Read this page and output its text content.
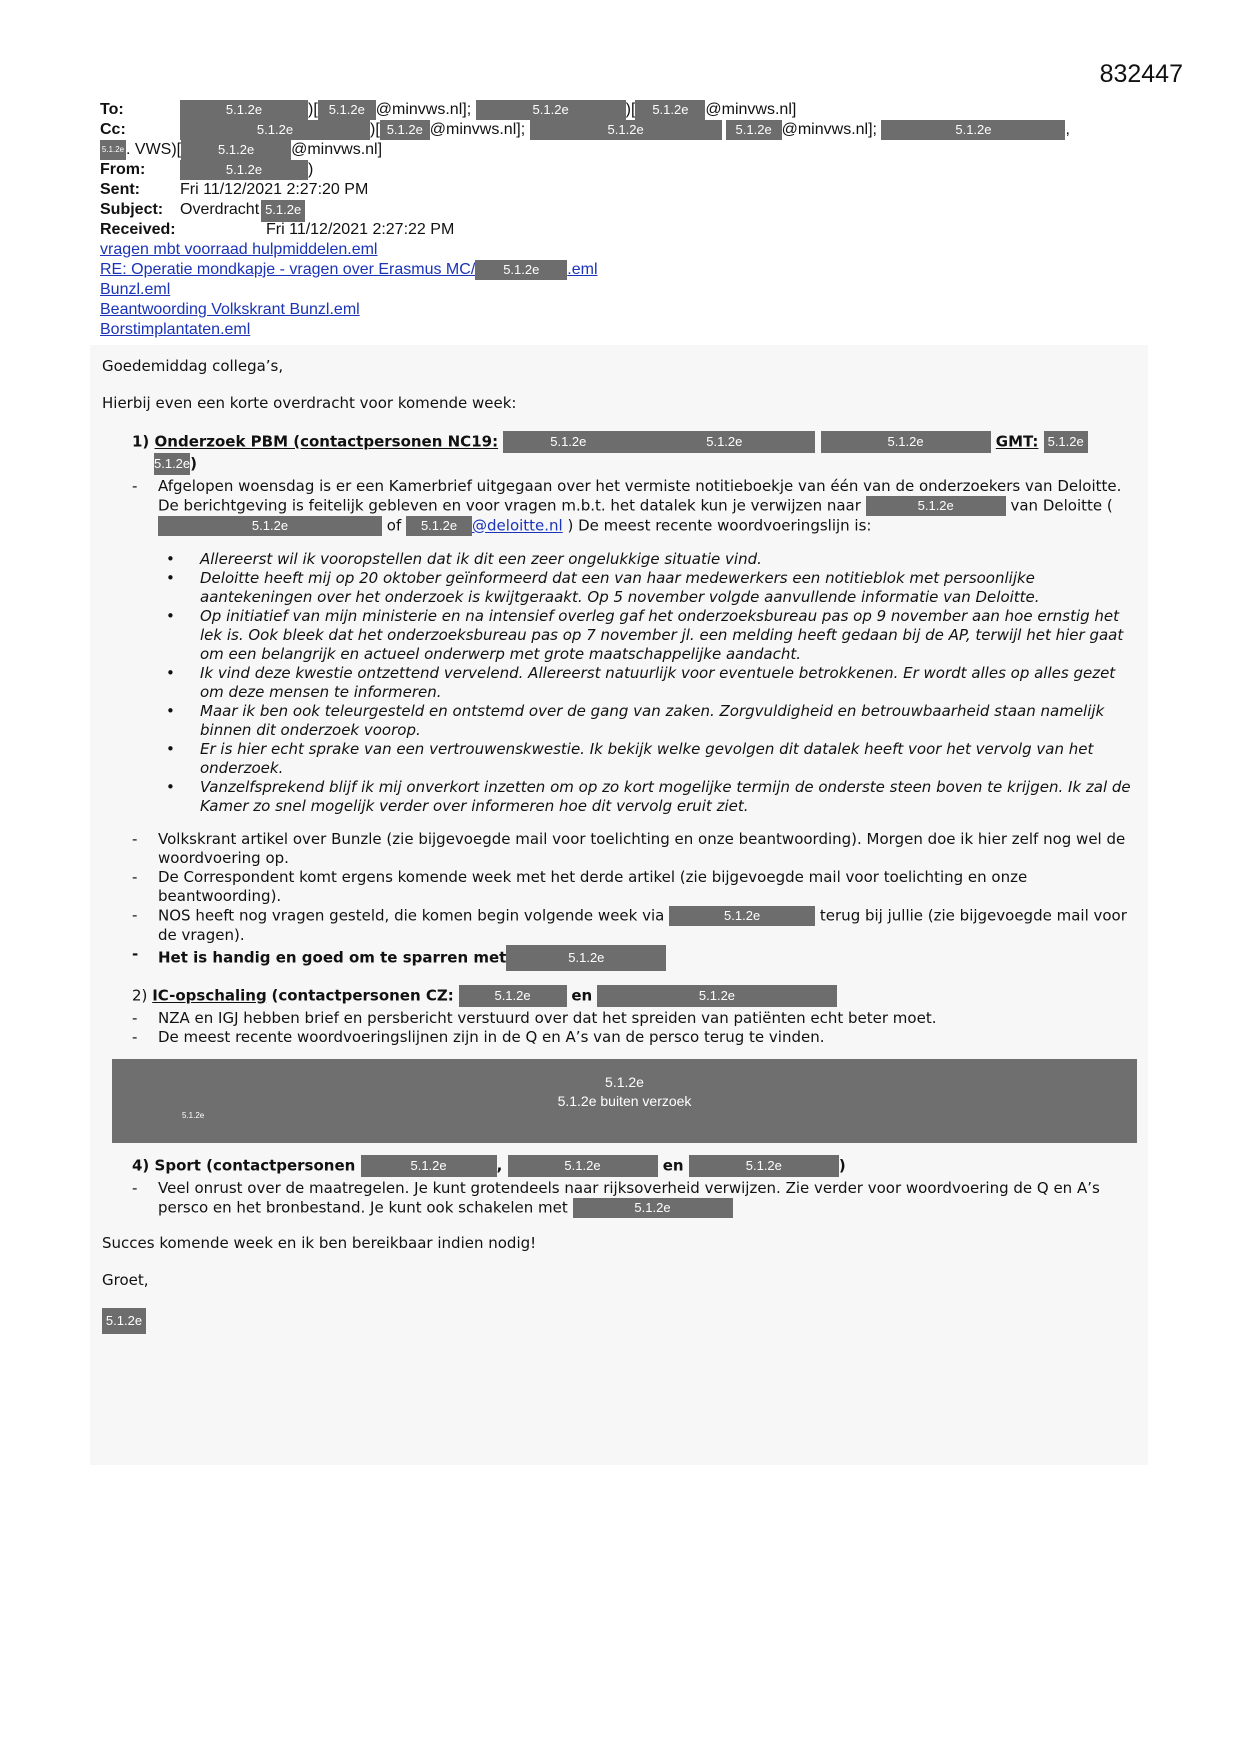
832447
To:	5.1.2e	)[ 5.1.2e @minvws.nl];	5.1.2e	)[ 5.1.2e @minvws.nl]
Cc:	5.1.2e	)[ 5.1.2e @minvws.nl];	5.1.2e	5.1.2e @minvws.nl];	5.1.2e	,
5.1.2e . VWS)[	5.1.2e @minvws.nl]
From:	5.1.2e	)
Sent:	Fri 11/12/2021 2:27:20 PM
Subject: Overdracht 5.1.2e
Received:	Fri 11/12/2021 2:27:22 PM
vragen mbt voorraad hulpmiddelen.eml
RE: Operatie mondkapje - vragen over Erasmus MC/ 5.1.2e .eml
Bunzl.eml
Beantwoording Volkskrant Bunzl.eml
Borstimplantaten.eml

Goedemiddag collega’s,

Hierbij even een korte overdracht voor komende week:

1) Onderzoek PBM (contactpersonen NC19:	5.1.2e	5.1.2e	5.1.2e	GMT: 5.1.2e
5.1.2e)
- Afgelopen woensdag is er een Kamerbrief uitgegaan over het vermiste notitieboekje van één van de onderzoekers van Deloitte. De berichtgeving is feitelijk gebleven en voor vragen m.b.t. het datalek kun je verwijzen naar	5.1.2e	van Deloitte (5.1.2e	of 5.1.2e @deloitte.nl ) De meest recente woordvoeringslijn is:
• Allereerst wil ik vooropstellen dat ik dit een zeer ongelukkige situatie vind.
• Deloitte heeft mij op 20 oktober geïnformeerd dat een van haar medewerkers een notitieblok met persoonlijke aantekeningen over het onderzoek is kwijtgeraakt. Op 5 november volgde aanvullende informatie van Deloitte.
• Op initiatief van mijn ministerie en na intensief overleg gaf het onderzoeksbureau pas op 9 november aan hoe ernstig het lek is. Ook bleek dat het onderzoeksbureau pas op 7 november jl. een melding heeft gedaan bij de AP, terwijl het hier gaat om een belangrijk en actueel onderwerp met grote maatschappelijke aandacht.
• Ik vind deze kwestie ontzettend vervelend. Allereerst natuurlijk voor eventuele betrokkenen. Er wordt alles op alles gezet om deze mensen te informeren.
• Maar ik ben ook teleurgesteld en ontstemd over de gang van zaken. Zorgvuldigheid en betrouwbaarheid staan namelijk binnen dit onderzoek voorop.
• Er is hier echt sprake van een vertrouwenskwestie. Ik bekijk welke gevolgen dit datalek heeft voor het vervolg van het onderzoek.
• Vanzelfsprekend blijf ik mij onverkort inzetten om op zo kort mogelijke termijn de onderste steen boven te krijgen. Ik zal de Kamer zo snel mogelijk verder over informeren hoe dit vervolg eruit ziet.
- Volkskrant artikel over Bunzle (zie bijgevoegde mail voor toelichting en onze beantwoording). Morgen doe ik hier zelf nog wel de woordvoering op.
- De Correspondent komt ergens komende week met het derde artikel (zie bijgevoegde mail voor toelichting en onze beantwoording).
- NOS heeft nog vragen gesteld, die komen begin volgende week via	5.1.2e	terug bij jullie (zie bijgevoegde mail voor de vragen).
- Het is handig en goed om te sparren met	5.1.2e
2) IC-opschaling (contactpersonen CZ:	5.1.2e	en	5.1.2e
- NZA en IGJ hebben brief en persbericht verstuurd over dat het spreiden van patiënten echt beter moet.
- De meest recente woordvoeringslijnen zijn in de Q en A’s van de persco terug te vinden.
5.1.2e
5.1.2e buiten verzoek
5.1.2e
4) Sport (contactpersonen	5.1.2e	,	5.1.2e	en	5.1.2e	)
- Veel onrust over de maatregelen. Je kunt grotendeels naar rijksoverheid verwijzen. Zie verder voor woordvoering de Q en A’s persco en het bronbestand. Je kunt ook schakelen met	5.1.2e

Succes komende week en ik ben bereikbaar indien nodig!

Groet,

5.1.2e
